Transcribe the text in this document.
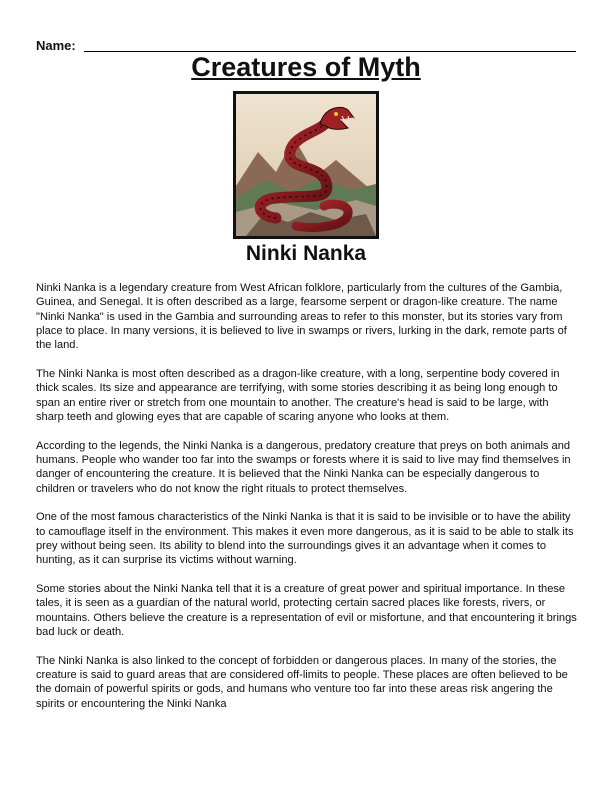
Name:
Creatures of Myth
Ninki Nanka

Ninki Nanka is a legendary creature from West African folklore, particularly from the cultures of the Gambia, Guinea, and Senegal. It is often described as a large, fearsome serpent or dragon-like creature. The name "Ninki Nanka" is used in the Gambia and surrounding areas to refer to this monster, but its stories vary from place to place. In many versions, it is believed to live in swamps or rivers, lurking in the dark, remote parts of the land.

The Ninki Nanka is most often described as a dragon-like creature, with a long, serpentine body covered in thick scales. Its size and appearance are terrifying, with some stories describing it as being long enough to span an entire river or stretch from one mountain to another. The creature's head is said to be large, with sharp teeth and glowing eyes that are capable of scaring anyone who looks at them.

According to the legends, the Ninki Nanka is a dangerous, predatory creature that preys on both animals and humans. People who wander too far into the swamps or forests where it is said to live may find themselves in danger of encountering the creature. It is believed that the Ninki Nanka can be especially dangerous to children or travelers who do not know the right rituals to protect themselves.

One of the most famous characteristics of the Ninki Nanka is that it is said to be invisible or to have the ability to camouflage itself in the environment. This makes it even more dangerous, as it is said to be able to stalk its prey without being seen. Its ability to blend into the surroundings gives it an advantage when it comes to hunting, as it can surprise its victims without warning.

Some stories about the Ninki Nanka tell that it is a creature of great power and spiritual importance. In these tales, it is seen as a guardian of the natural world, protecting certain sacred places like forests, rivers, or mountains. Others believe the creature is a representation of evil or misfortune, and that encountering it brings bad luck or death.

The Ninki Nanka is also linked to the concept of forbidden or dangerous places. In many of the stories, the creature is said to guard areas that are considered off-limits to people. These places are often believed to be the domain of powerful spirits or gods, and humans who venture too far into these areas risk angering the spirits or encountering the Ninki Nanka
